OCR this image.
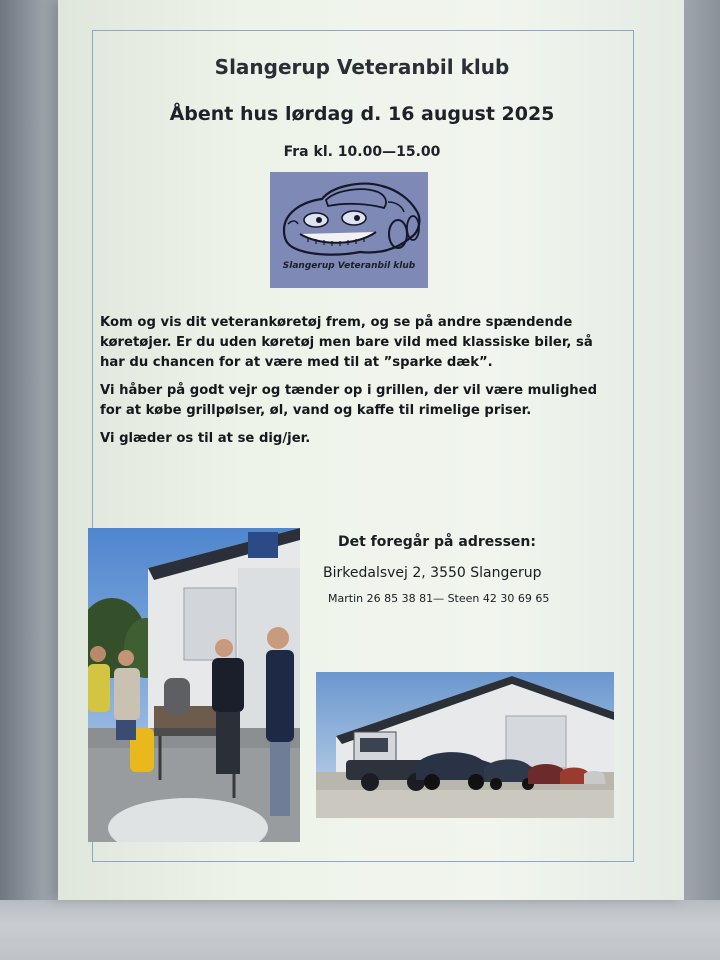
Slangerup Veteranbil klub
Åbent hus lørdag d. 16 august 2025
Fra kl. 10.00—15.00
Slangerup Veteranbil klub

Kom og vis dit veterankøretøj frem, og se på andre spændende køretøjer. Er du uden køretøj men bare vild med klassiske biler, så har du chancen for at være med til at ”sparke dæk”.

Vi håber på godt vejr og tænder op i grillen, der vil være mulighed for at købe grillpølser, øl, vand og kaffe til rimelige priser.

Vi glæder os til at se dig/jer.

Det foregår på adressen:
Birkedalsvej 2, 3550 Slangerup
Martin 26 85 38 81— Steen 42 30 69 65
